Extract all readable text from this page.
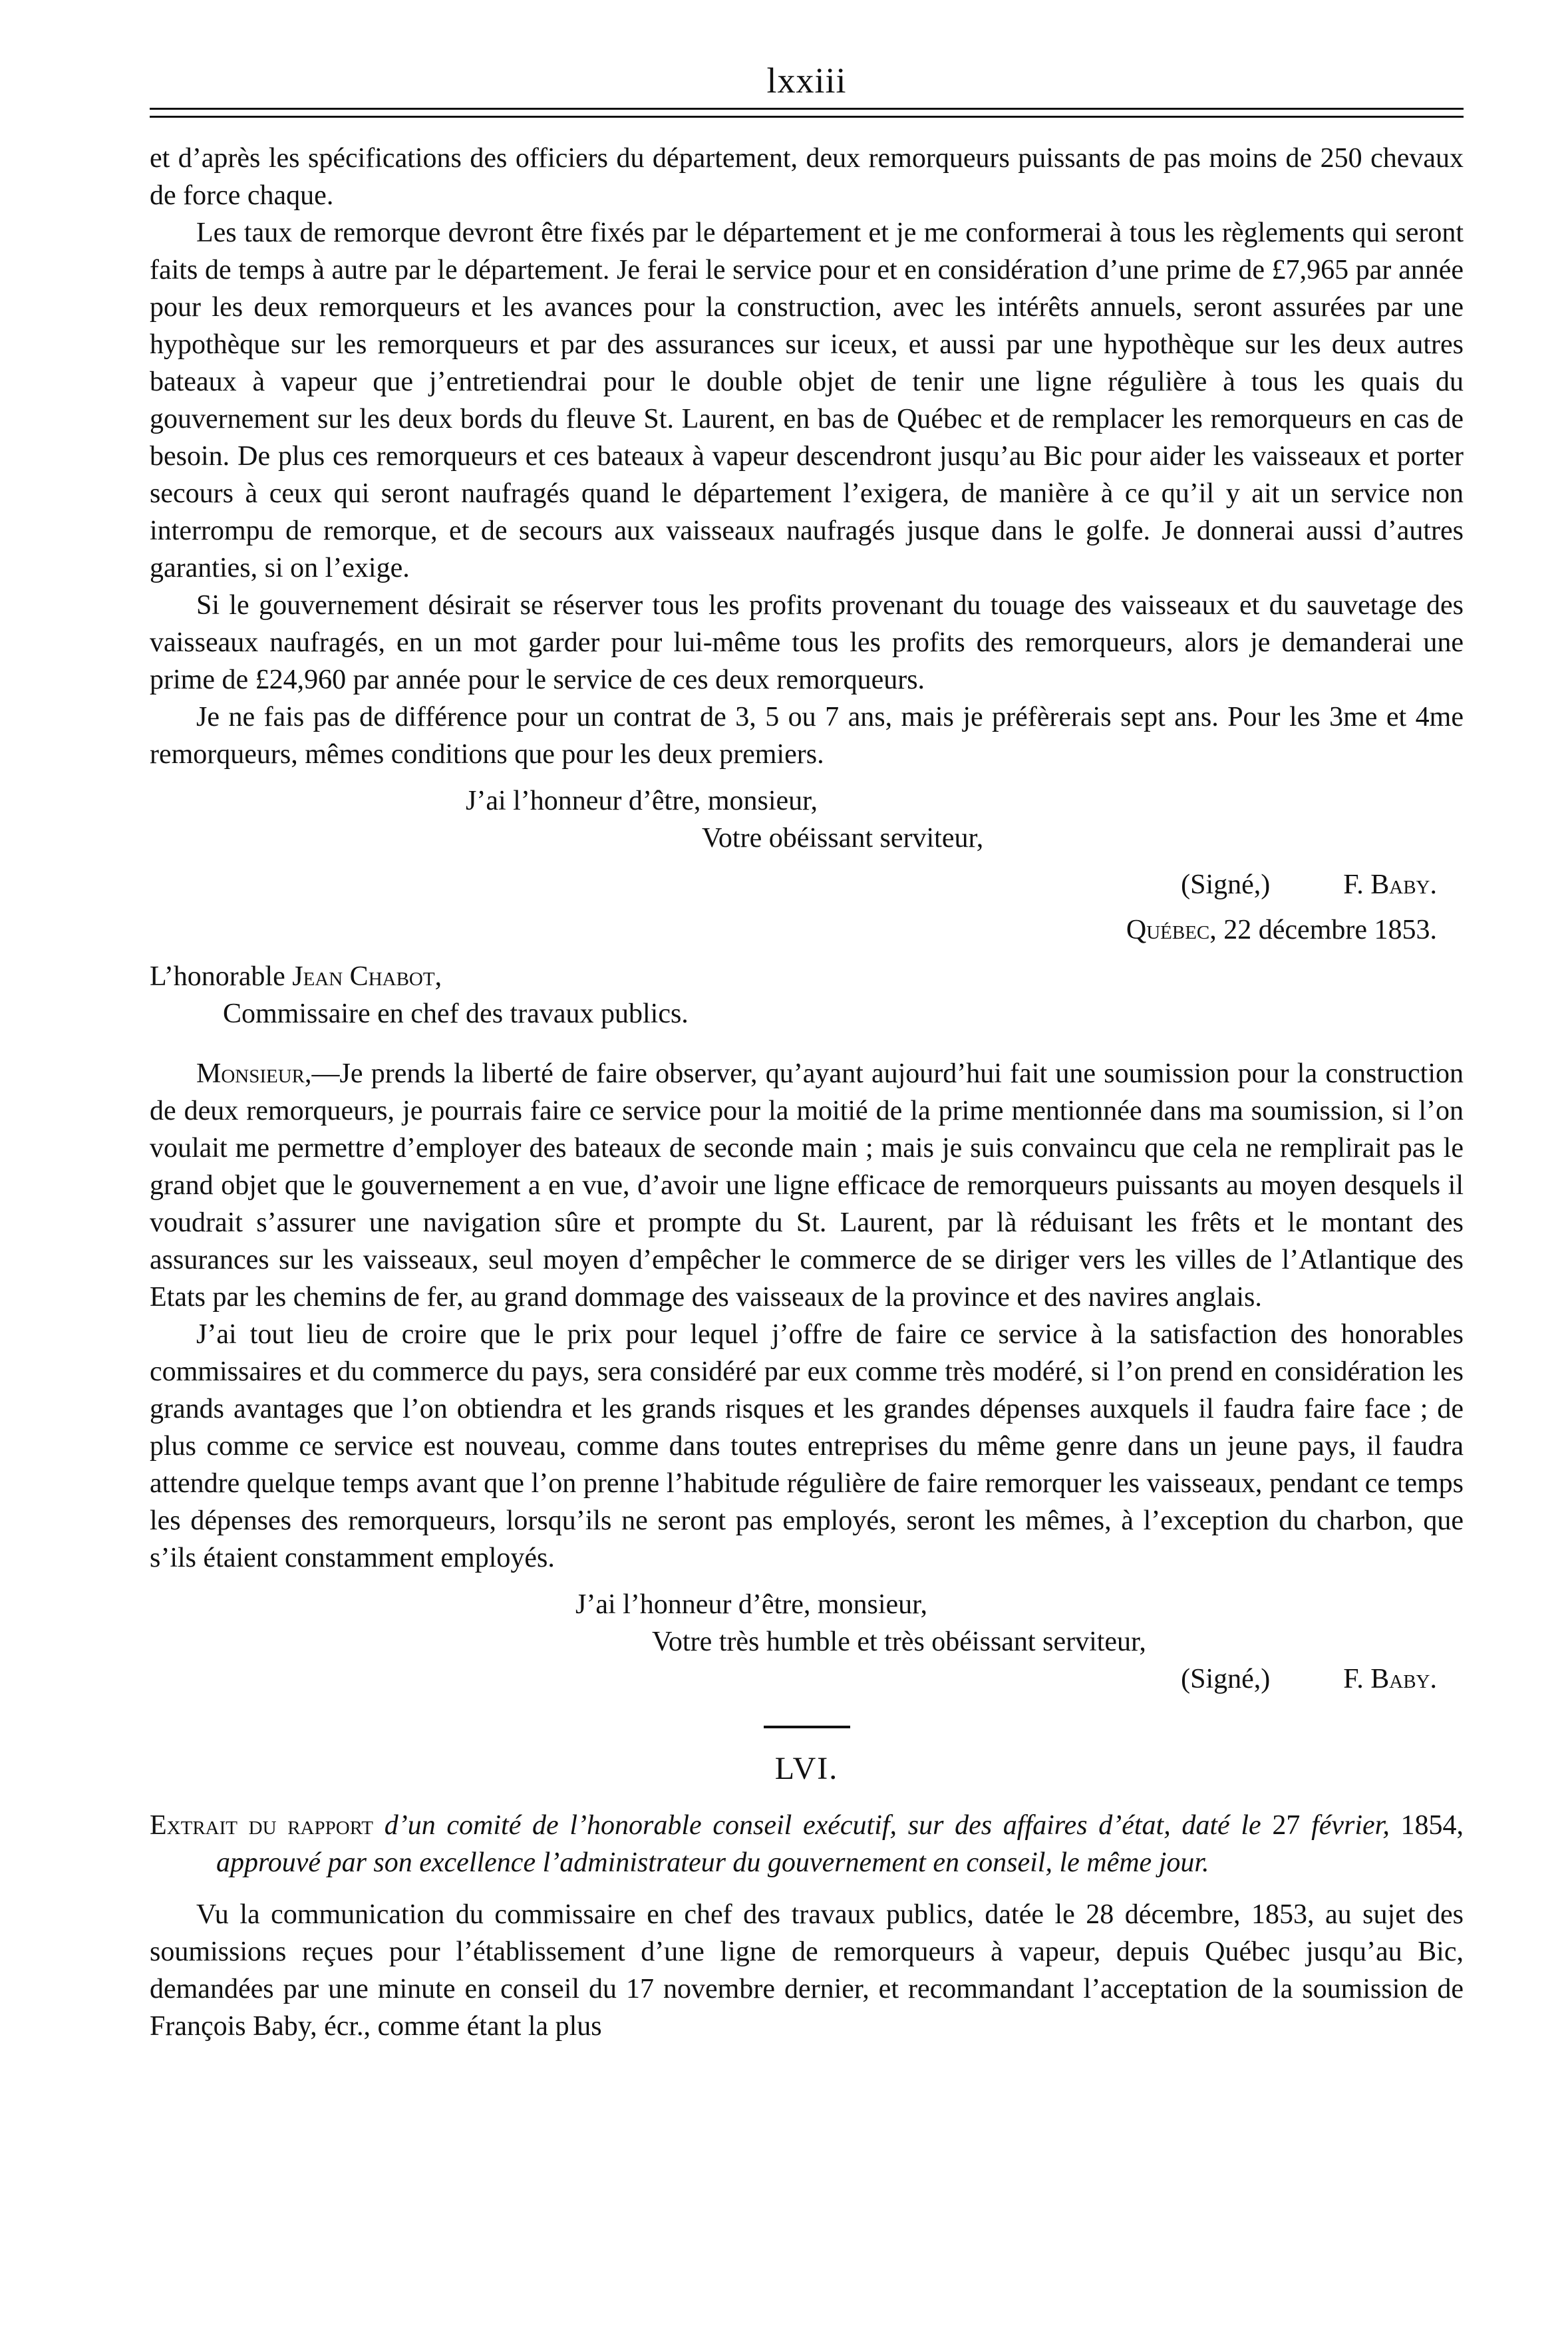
lxxiii

et d’après les spécifications des officiers du département, deux remorqueurs puissants de pas moins de 250 chevaux de force chaque.

Les taux de remorque devront être fixés par le département et je me conformerai à tous les règlements qui seront faits de temps à autre par le département. Je ferai le service pour et en considération d’une prime de £7,965 par année pour les deux remorqueurs et les avances pour la construction, avec les intérêts annuels, seront assurées par une hypothèque sur les remorqueurs et par des assurances sur iceux, et aussi par une hypothèque sur les deux autres bateaux à vapeur que j’entretiendrai pour le double objet de tenir une ligne régulière à tous les quais du gouvernement sur les deux bords du fleuve St. Laurent, en bas de Québec et de remplacer les remorqueurs en cas de besoin. De plus ces remorqueurs et ces bateaux à vapeur descendront jusqu’au Bic pour aider les vaisseaux et porter secours à ceux qui seront naufragés quand le département l’exigera, de manière à ce qu’il y ait un service non interrompu de remorque, et de secours aux vaisseaux naufragés jusque dans le golfe. Je donnerai aussi d’autres garanties, si on l’exige.

Si le gouvernement désirait se réserver tous les profits provenant du touage des vaisseaux et du sauvetage des vaisseaux naufragés, en un mot garder pour lui-même tous les profits des remorqueurs, alors je demanderai une prime de £24,960 par année pour le service de ces deux remorqueurs.

Je ne fais pas de différence pour un contrat de 3, 5 ou 7 ans, mais je préfèrerais sept ans. Pour les 3me et 4me remorqueurs, mêmes conditions que pour les deux premiers.

J’ai l’honneur d’être, monsieur,
Votre obéissant serviteur,
(Signé,)	F. Baby.
Québec, 22 décembre 1853.
L’honorable Jean Chabot,
Commissaire en chef des travaux publics.

Monsieur,—Je prends la liberté de faire observer, qu’ayant aujourd’hui fait une soumission pour la construction de deux remorqueurs, je pourrais faire ce service pour la moitié de la prime mentionnée dans ma soumission, si l’on voulait me permettre d’employer des bateaux de seconde main ; mais je suis convaincu que cela ne remplirait pas le grand objet que le gouvernement a en vue, d’avoir une ligne efficace de remorqueurs puissants au moyen desquels il voudrait s’assurer une navigation sûre et prompte du St. Laurent, par là réduisant les frêts et le montant des assurances sur les vaisseaux, seul moyen d’empêcher le commerce de se diriger vers les villes de l’Atlantique des Etats par les chemins de fer, au grand dommage des vaisseaux de la province et des navires anglais.

J’ai tout lieu de croire que le prix pour lequel j’offre de faire ce service à la satisfaction des honorables commissaires et du commerce du pays, sera considéré par eux comme très modéré, si l’on prend en considération les grands avantages que l’on obtiendra et les grands risques et les grandes dépenses auxquels il faudra faire face ; de plus comme ce service est nouveau, comme dans toutes entreprises du même genre dans un jeune pays, il faudra attendre quelque temps avant que l’on prenne l’habitude régulière de faire remorquer les vaisseaux, pendant ce temps les dépenses des remorqueurs, lorsqu’ils ne seront pas employés, seront les mêmes, à l’exception du charbon, que s’ils étaient constamment employés.

J’ai l’honneur d’être, monsieur,
Votre très humble et très obéissant serviteur,
(Signé,)	F. Baby.
LVI.

Extrait du rapport d’un comité de l’honorable conseil exécutif, sur des affaires d’état, daté le 27 février, 1854, approuvé par son excellence l’administrateur du gouvernement en conseil, le même jour.

Vu la communication du commissaire en chef des travaux publics, datée le 28 décembre, 1853, au sujet des soumissions reçues pour l’établissement d’une ligne de remorqueurs à vapeur, depuis Québec jusqu’au Bic, demandées par une minute en conseil du 17 novembre dernier, et recommandant l’acceptation de la soumission de François Baby, écr., comme étant la plus
